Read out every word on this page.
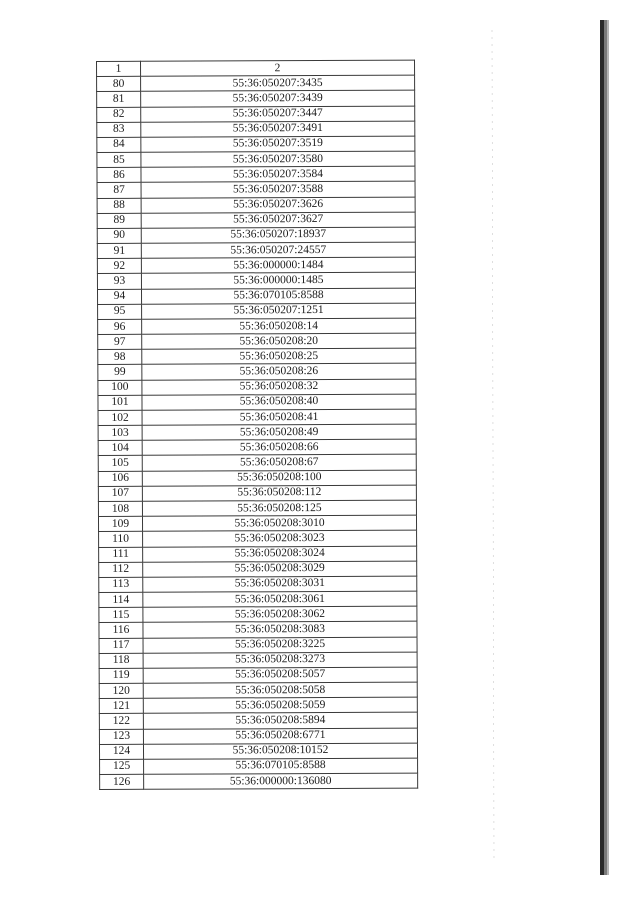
1	2
80	55:36:050207:3435
81	55:36:050207:3439
82	55:36:050207:3447
83	55:36:050207:3491
84	55:36:050207:3519
85	55:36:050207:3580
86	55:36:050207:3584
87	55:36:050207:3588
88	55:36:050207:3626
89	55:36:050207:3627
90	55:36:050207:18937
91	55:36:050207:24557
92	55:36:000000:1484
93	55:36:000000:1485
94	55:36:070105:8588
95	55:36:050207:1251
96	55:36:050208:14
97	55:36:050208:20
98	55:36:050208:25
99	55:36:050208:26
100	55:36:050208:32
101	55:36:050208:40
102	55:36:050208:41
103	55:36:050208:49
104	55:36:050208:66
105	55:36:050208:67
106	55:36:050208:100
107	55:36:050208:112
108	55:36:050208:125
109	55:36:050208:3010
110	55:36:050208:3023
111	55:36:050208:3024
112	55:36:050208:3029
113	55:36:050208:3031
114	55:36:050208:3061
115	55:36:050208:3062
116	55:36:050208:3083
117	55:36:050208:3225
118	55:36:050208:3273
119	55:36:050208:5057
120	55:36:050208:5058
121	55:36:050208:5059
122	55:36:050208:5894
123	55:36:050208:6771
124	55:36:050208:10152
125	55:36:070105:8588
126	55:36:000000:136080
